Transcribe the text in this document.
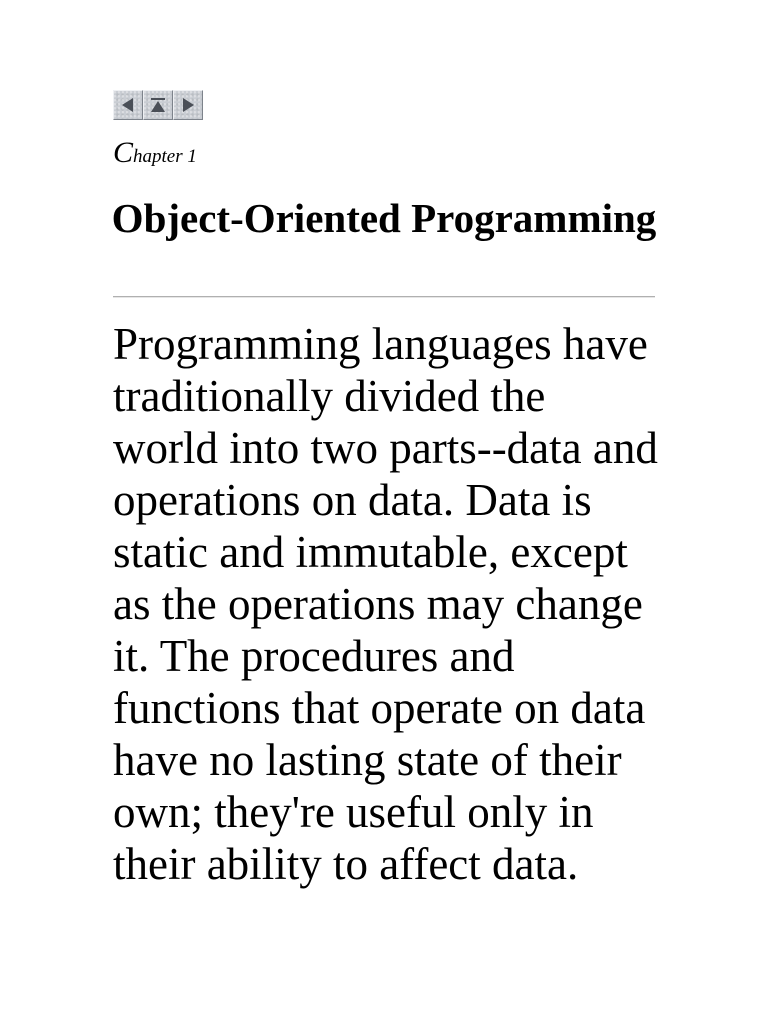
Chapter 1
Object-Oriented Programming

Programming languages have traditionally divided the world into two parts--data and operations on data. Data is static and immutable, except as the operations may change it. The procedures and functions that operate on data have no lasting state of their own; they're useful only in their ability to affect data.
